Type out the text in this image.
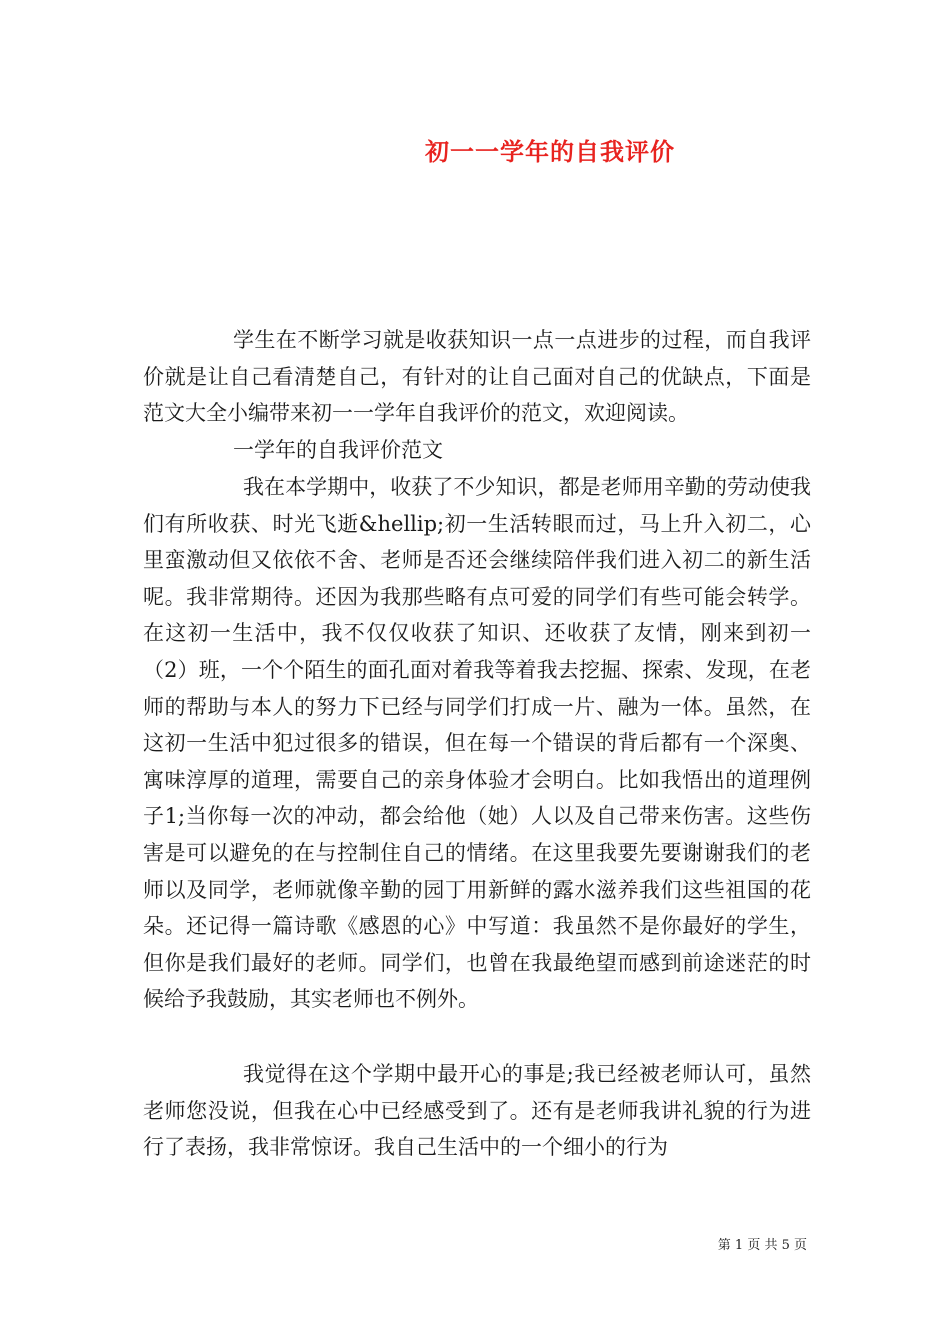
初一一学年的自我评价
学生在不断学习就是收获知识一点一点进步的过程，而自我评价就是让自己看清楚自己，有针对的让自己面对自己的优缺点，下面是范文大全小编带来初一一学年自我评价的范文，欢迎阅读。
一学年的自我评价范文
我在本学期中，收获了不少知识，都是老师用辛勤的劳动使我们有所收获、时光飞逝&hellip;初一生活转眼而过，马上升入初二，心里蛮激动但又依依不舍、老师是否还会继续陪伴我们进入初二的新生活呢。我非常期待。还因为我那些略有点可爱的同学们有些可能会转学。在这初一生活中，我不仅仅收获了知识、还收获了友情，刚来到初一（2）班，一个个陌生的面孔面对着我等着我去挖掘、探索、发现，在老师的帮助与本人的努力下已经与同学们打成一片、融为一体。虽然，在这初一生活中犯过很多的错误，但在每一个错误的背后都有一个深奥、寓味淳厚的道理，需要自己的亲身体验才会明白。比如我悟出的道理例子1;当你每一次的冲动，都会给他（她）人以及自己带来伤害。这些伤害是可以避免的在与控制住自己的情绪。在这里我要先要谢谢我们的老师以及同学，老师就像辛勤的园丁用新鲜的露水滋养我们这些祖国的花朵。还记得一篇诗歌《感恩的心》中写道：我虽然不是你最好的学生，但你是我们最好的老师。同学们，也曾在我最绝望而感到前途迷茫的时候给予我鼓励，其实老师也不例外。
我觉得在这个学期中最开心的事是;我已经被老师认可，虽然老师您没说，但我在心中已经感受到了。还有是老师我讲礼貌的行为进行了表扬，我非常惊讶。我自己生活中的一个细小的行为
第 1 页 共 5 页
